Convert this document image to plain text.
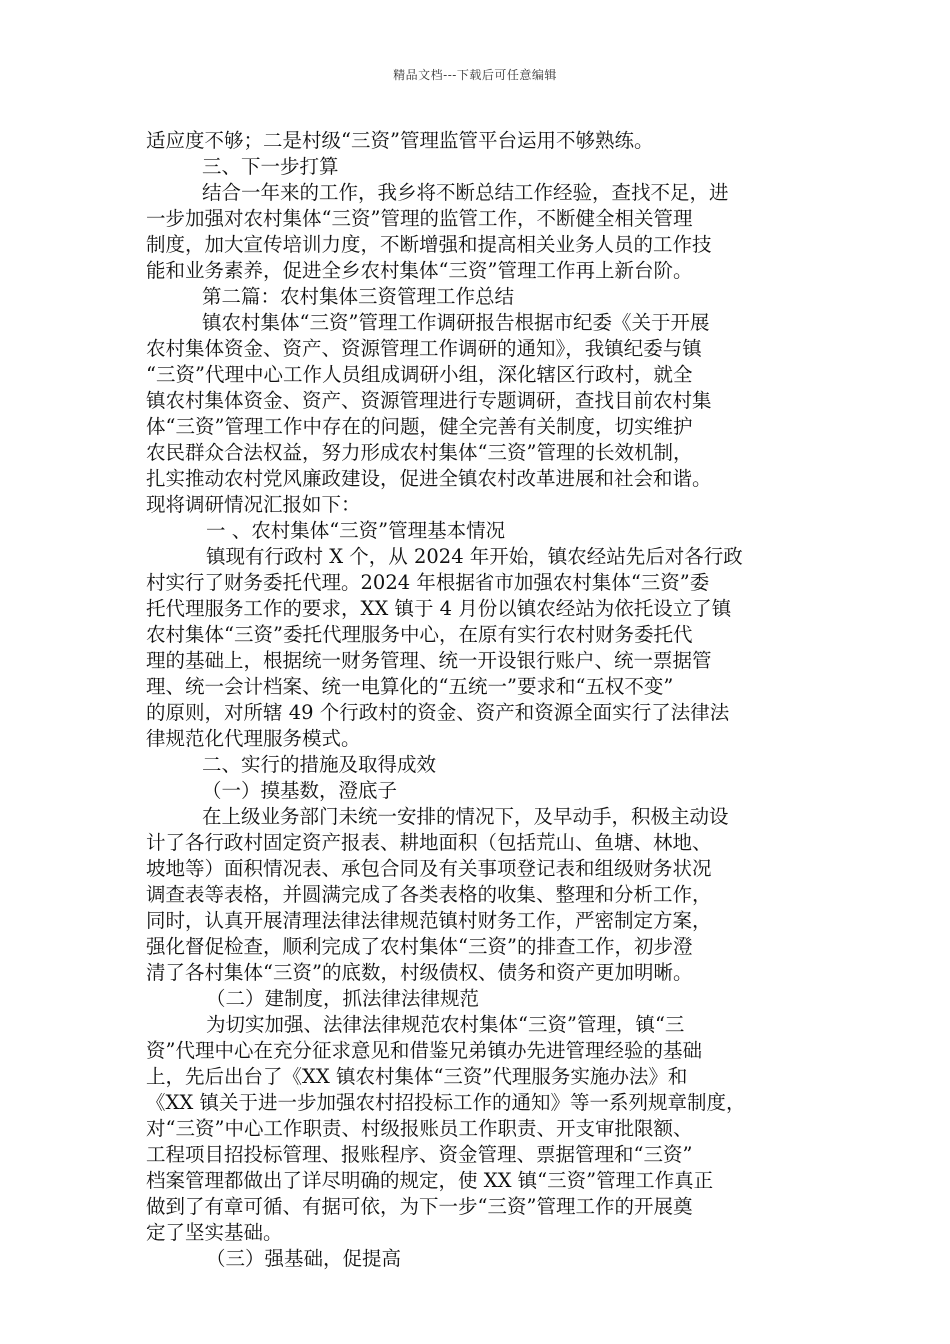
精品文档---下载后可任意编辑
适应度不够；二是村级“三资”管理监管平台运用不够熟练。
三、下一步打算
结合一年来的工作，我乡将不断总结工作经验，查找不足，进
一步加强对农村集体“三资”管理的监管工作，不断健全相关管理
制度，加大宣传培训力度，不断增强和提高相关业务人员的工作技
能和业务素养，促进全乡农村集体“三资”管理工作再上新台阶。
第二篇：农村集体三资管理工作总结
镇农村集体“三资”管理工作调研报告根据市纪委《关于开展
农村集体资金、资产、资源管理工作调研的通知》，我镇纪委与镇
“三资”代理中心工作人员组成调研小组，深化辖区行政村，就全
镇农村集体资金、资产、资源管理进行专题调研，查找目前农村集
体“三资”管理工作中存在的问题，健全完善有关制度，切实维护
农民群众合法权益，努力形成农村集体“三资”管理的长效机制，
扎实推动农村党风廉政建设，促进全镇农村改革进展和社会和谐。
现将调研情况汇报如下：
一 、农村集体“三资”管理基本情况
镇现有行政村 X 个，从 2024 年开始，镇农经站先后对各行政
村实行了财务委托代理。2024 年根据省市加强农村集体“三资”委
托代理服务工作的要求，XX 镇于 4 月份以镇农经站为依托设立了镇
农村集体“三资”委托代理服务中心，在原有实行农村财务委托代
理的基础上，根据统一财务管理、统一开设银行账户、统一票据管
理、统一会计档案、统一电算化的“五统一”要求和“五权不变”
的原则，对所辖 49 个行政村的资金、资产和资源全面实行了法律法
律规范化代理服务模式。
二、实行的措施及取得成效
（一）摸基数，澄底子
在上级业务部门未统一安排的情况下，及早动手，积极主动设
计了各行政村固定资产报表、耕地面积（包括荒山、鱼塘、林地、
坡地等）面积情况表、承包合同及有关事项登记表和组级财务状况
调查表等表格，并圆满完成了各类表格的收集、整理和分析工作，
同时，认真开展清理法律法律规范镇村财务工作，严密制定方案，
强化督促检查，顺利完成了农村集体“三资”的排查工作，初步澄
清了各村集体“三资”的底数，村级债权、债务和资产更加明晰。
（二）建制度，抓法律法律规范
为切实加强、法律法律规范农村集体“三资”管理，镇“三
资”代理中心在充分征求意见和借鉴兄弟镇办先进管理经验的基础
上，先后出台了《XX 镇农村集体“三资”代理服务实施办法》和
《XX 镇关于进一步加强农村招投标工作的通知》等一系列规章制度，
对“三资”中心工作职责、村级报账员工作职责、开支审批限额、
工程项目招投标管理、报账程序、资金管理、票据管理和“三资”
档案管理都做出了详尽明确的规定，使 XX 镇“三资”管理工作真正
做到了有章可循、有据可依，为下一步“三资”管理工作的开展奠
定了坚实基础。
（三）强基础，促提高
